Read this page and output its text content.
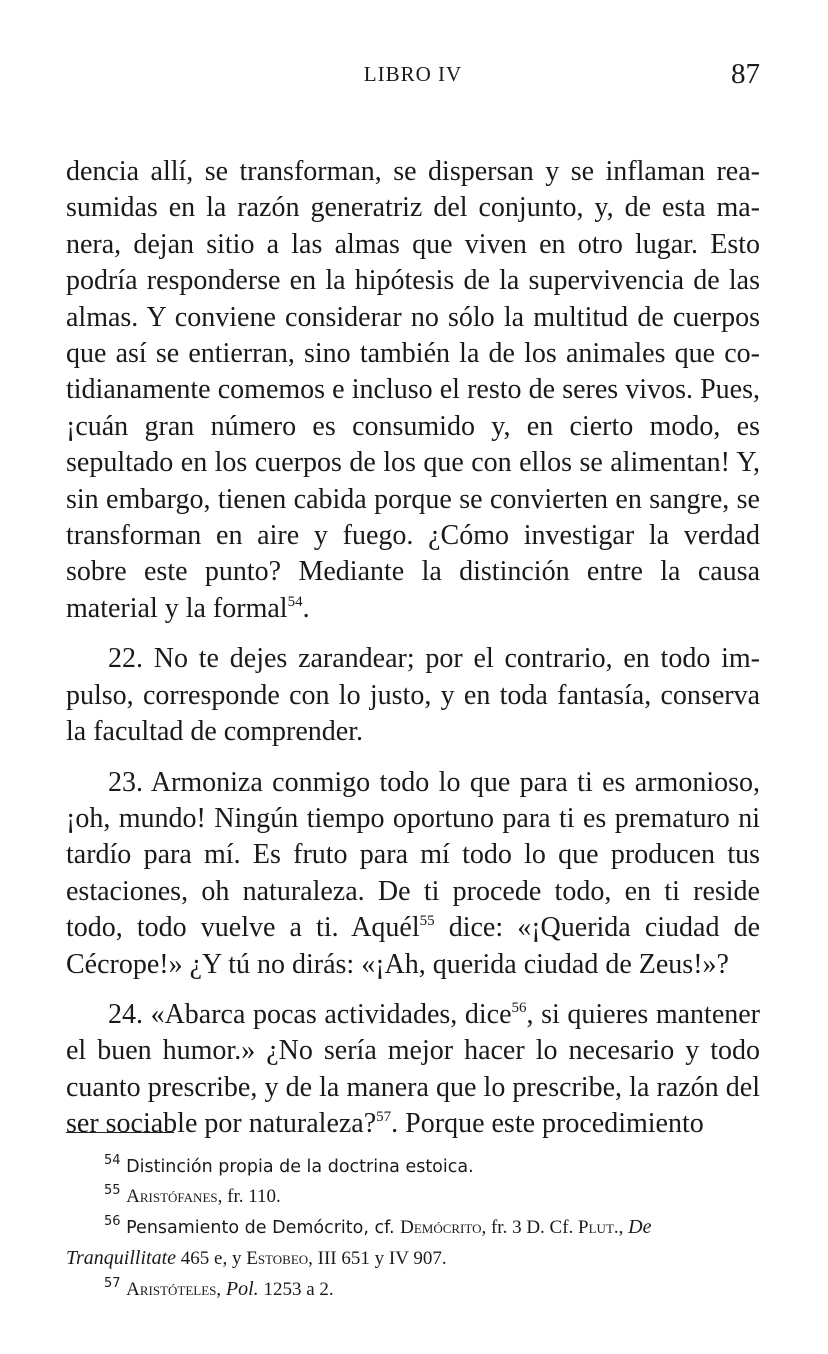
LIBRO IV	87

dencia allí, se transforman, se dispersan y se inflaman reasumidas en la razón generatriz del conjunto, y, de esta manera, dejan sitio a las almas que viven en otro lugar. Esto podría responderse en la hipótesis de la supervivencia de las almas. Y conviene considerar no sólo la multitud de cuerpos que así se entierran, sino también la de los animales que cotidianamente comemos e incluso el resto de seres vivos. Pues, ¡cuán gran número es consumido y, en cierto modo, es sepultado en los cuerpos de los que con ellos se alimentan! Y, sin embargo, tienen cabida porque se convierten en sangre, se transforman en aire y fuego. ¿Cómo investigar la verdad sobre este punto? Mediante la distinción entre la causa material y la formal$^{54}$.

22. No te dejes zarandear; por el contrario, en todo impulso, corresponde con lo justo, y en toda fantasía, conserva la facultad de comprender.

23. Armoniza conmigo todo lo que para ti es armonioso, ¡oh, mundo! Ningún tiempo oportuno para ti es prematuro ni tardío para mí. Es fruto para mí todo lo que producen tus estaciones, oh naturaleza. De ti procede todo, en ti reside todo, todo vuelve a ti. Aquél$^{55}$ dice: «¡Querida ciudad de Cécrope!» ¿Y tú no dirás: «¡Ah, querida ciudad de Zeus!»?

24. «Abarca pocas actividades, dice$^{56}$, si quieres mantener el buen humor.» ¿No sería mejor hacer lo necesario y todo cuanto prescribe, y de la manera que lo prescribe, la razón del ser sociable por naturaleza?$^{57}$. Porque este procedimiento

$^{54}$ Distinción propia de la doctrina estoica.

$^{55}$ Aristófanes, fr. 110.

$^{56}$ Pensamiento de Demócrito, cf. Demócrito, fr. 3 D. Cf. Plut., De
Tranquillitate 465 e, y Estobeo, III 651 y IV 907.

$^{57}$ Aristóteles, Pol. 1253 a 2.
